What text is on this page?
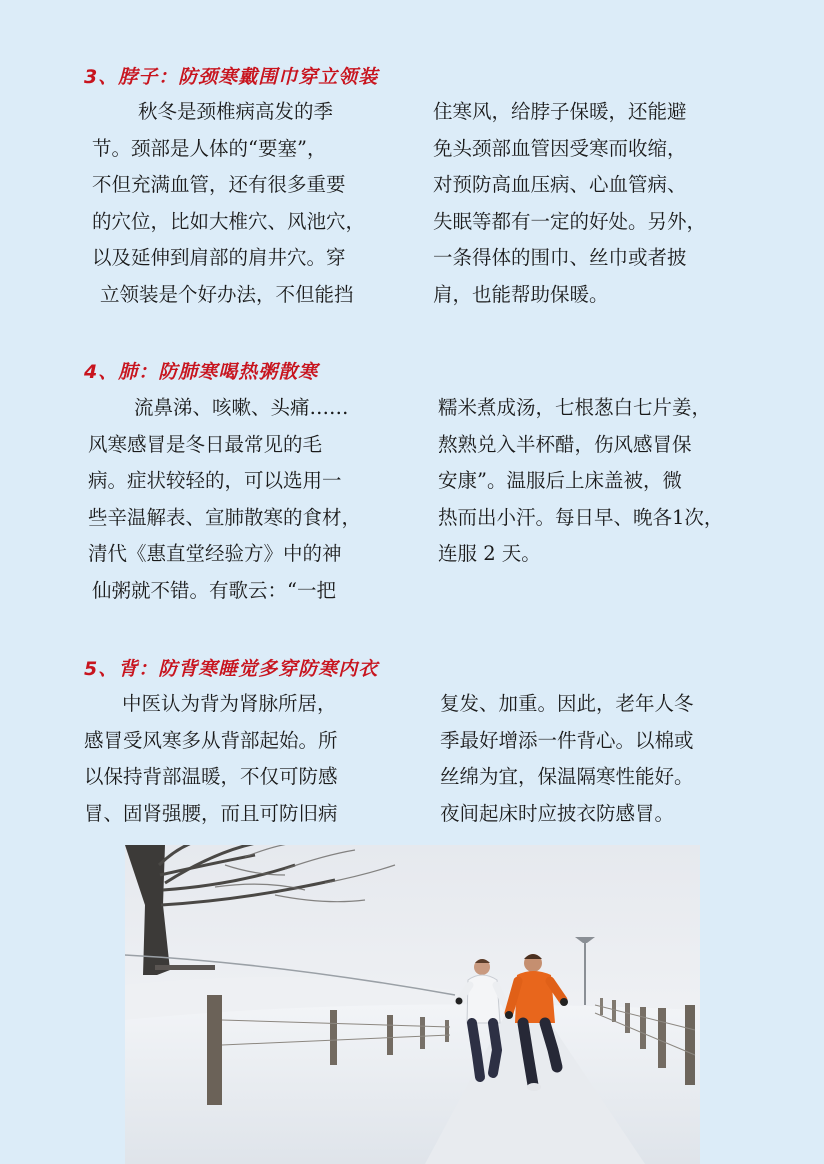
3、脖子：防颈寒戴围巾穿立领装

秋冬是颈椎病高发的季

节。颈部是人体的“要塞”，

不但充满血管，还有很多重要

的穴位，比如大椎穴、风池穴，

以及延伸到肩部的肩井穴。穿

立领装是个好办法，不但能挡

住寒风，给脖子保暖，还能避

免头颈部血管因受寒而收缩，

对预防高血压病、心血管病、

失眠等都有一定的好处。另外，

一条得体的围巾、丝巾或者披

肩，也能帮助保暖。

4、肺：防肺寒喝热粥散寒

流鼻涕、咳嗽、头痛……

风寒感冒是冬日最常见的毛

病。症状较轻的，可以选用一

些辛温解表、宣肺散寒的食材，

清代《惠直堂经验方》中的神

仙粥就不错。有歌云：“一把

糯米煮成汤，七根葱白七片姜，

熬熟兑入半杯醋，伤风感冒保

安康”。温服后上床盖被，微

热而出小汗。每日早、晚各1次，

连服 2 天。

5、背：防背寒睡觉多穿防寒内衣

中医认为背为肾脉所居，

感冒受风寒多从背部起始。所

以保持背部温暖，不仅可防感

冒、固肾强腰，而且可防旧病

复发、加重。因此，老年人冬

季最好增添一件背心。以棉或

丝绵为宜，保温隔寒性能好。

夜间起床时应披衣防感冒。
